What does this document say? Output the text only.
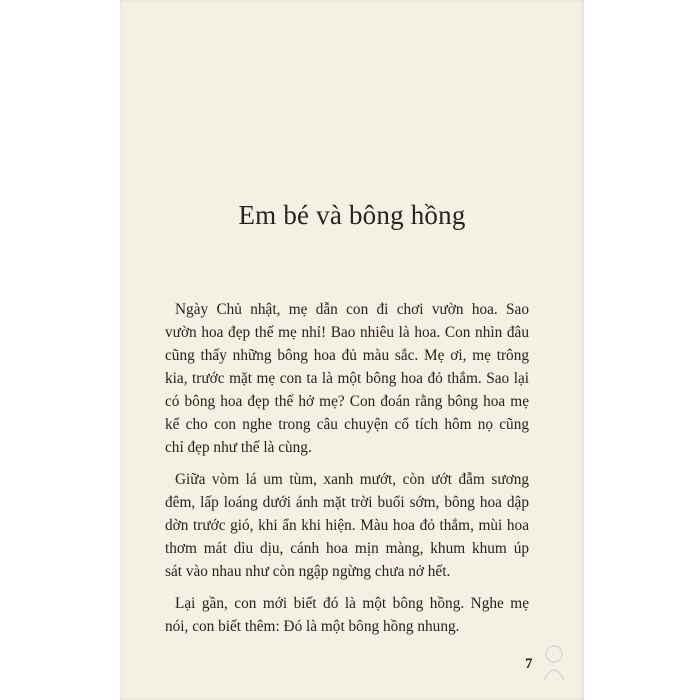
Em bé và bông hồng
Ngày Chủ nhật, mẹ dẫn con đi chơi vườn hoa. Sao
vườn hoa đẹp thế mẹ nhỉ! Bao nhiêu là hoa. Con nhìn đâu
cũng thấy những bông hoa đủ màu sắc. Mẹ ơi, mẹ trông
kia, trước mặt mẹ con ta là một bông hoa đỏ thắm. Sao lại
có bông hoa đẹp thế hở mẹ? Con đoán rằng bông hoa mẹ
kể cho con nghe trong câu chuyện cổ tích hôm nọ cũng
chỉ đẹp như thế là cùng.
Giữa vòm lá um tùm, xanh mướt, còn ướt đẫm sương
đêm, lấp loáng dưới ánh mặt trời buổi sớm, bông hoa dập
dờn trước gió, khi ẩn khi hiện. Màu hoa đỏ thắm, mùi hoa
thơm mát dìu dịu, cánh hoa mịn màng, khum khum úp
sát vào nhau như còn ngập ngừng chưa nở hết.
Lại gần, con mới biết đó là một bông hồng. Nghe mẹ
nói, con biết thêm: Đó là một bông hồng nhung.
7
